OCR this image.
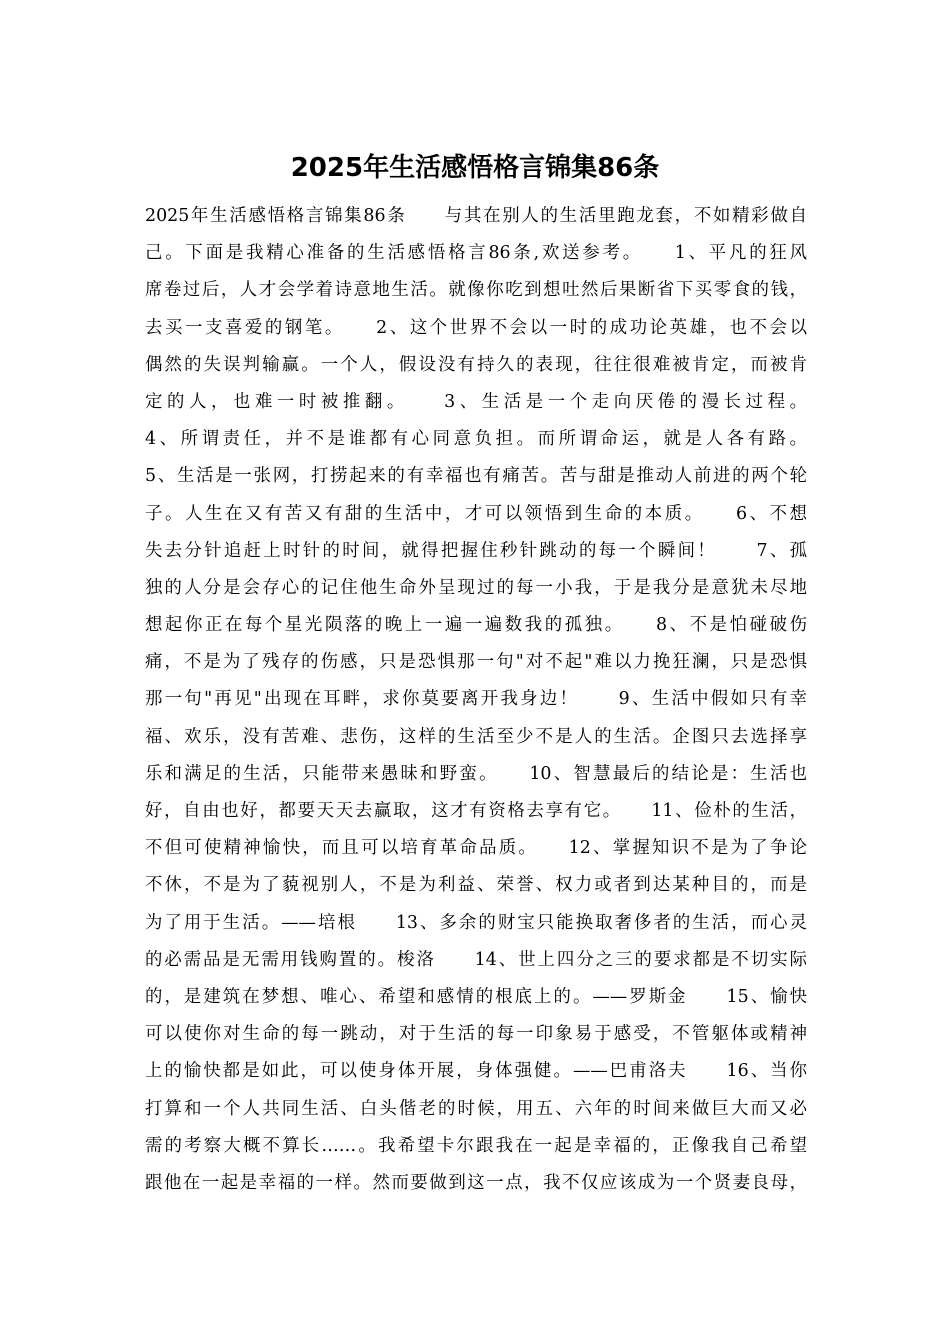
2025年生活感悟格言锦集86条
2025年生活感悟格言锦集86条　　与其在别人的生活里跑龙套，不如精彩做自
己。下面是我精心准备的生活感悟格言86条,欢送参考。　　1、平凡的狂风
席卷过后，人才会学着诗意地生活。就像你吃到想吐然后果断省下买零食的钱，
去买一支喜爱的钢笔。　　2、这个世界不会以一时的成功论英雄，也不会以
偶然的失误判输赢。一个人，假设没有持久的表现，往往很难被肯定，而被肯
定的人，也难一时被推翻。　　3、生活是一个走向厌倦的漫长过程。
4、所谓责任，并不是谁都有心同意负担。而所谓命运，就是人各有路。
5、生活是一张网，打捞起来的有幸福也有痛苦。苦与甜是推动人前进的两个轮
子。人生在又有苦又有甜的生活中，才可以领悟到生命的本质。　　6、不想
失去分针追赶上时针的时间，就得把握住秒针跳动的每一个瞬间！　　7、孤
独的人分是会存心的记住他生命外呈现过的每一小我，于是我分是意犹未尽地
想起你正在每个星光陨落的晚上一遍一遍数我的孤独。　　8、不是怕碰破伤
痛，不是为了残存的伤感，只是恐惧那一句"对不起"难以力挽狂澜，只是恐惧
那一句"再见"出现在耳畔，求你莫要离开我身边！　　9、生活中假如只有幸
福、欢乐，没有苦难、悲伤，这样的生活至少不是人的生活。企图只去选择享
乐和满足的生活，只能带来愚昧和野蛮。　　10、智慧最后的结论是：生活也
好，自由也好，都要天天去赢取，这才有资格去享有它。　　11、俭朴的生活，
不但可使精神愉快，而且可以培育革命品质。　　12、掌握知识不是为了争论
不休，不是为了藐视别人，不是为利益、荣誉、权力或者到达某种目的，而是
为了用于生活。——培根　　13、多余的财宝只能换取奢侈者的生活，而心灵
的必需品是无需用钱购置的。梭洛　　14、世上四分之三的要求都是不切实际
的，是建筑在梦想、唯心、希望和感情的根底上的。——罗斯金　　15、愉快
可以使你对生命的每一跳动，对于生活的每一印象易于感受，不管躯体或精神
上的愉快都是如此，可以使身体开展，身体强健。——巴甫洛夫　　16、当你
打算和一个人共同生活、白头偕老的时候，用五、六年的时间来做巨大而又必
需的考察大概不算长……。我希望卡尔跟我在一起是幸福的，正像我自己希望
跟他在一起是幸福的一样。然而要做到这一点，我不仅应该成为一个贤妻良母，
